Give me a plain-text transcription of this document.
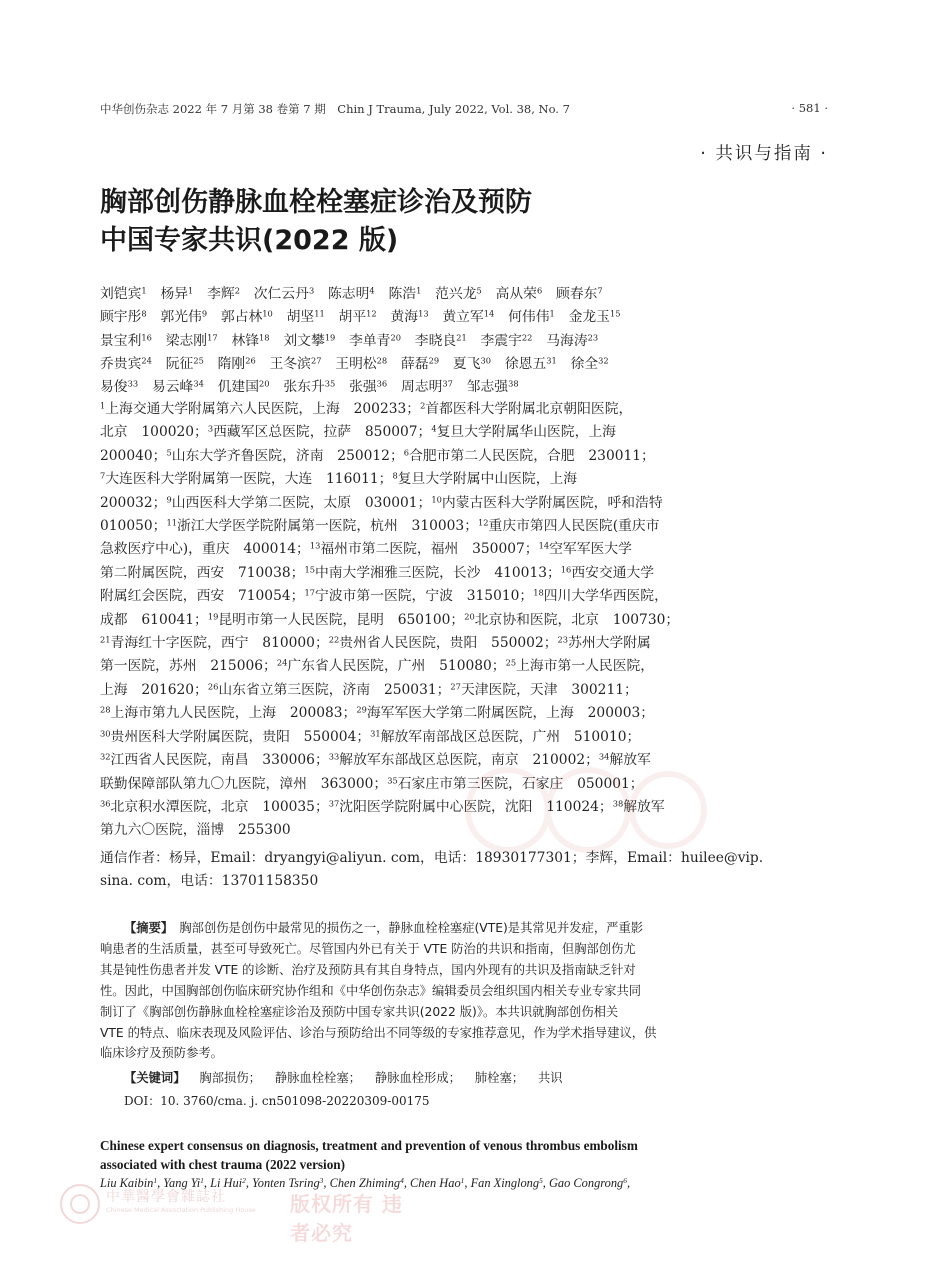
中华创伤杂志 2022 年 7 月第 38 卷第 7 期　Chin J Trauma, July 2022, Vol. 38, No. 7	· 581 ·
· 共识与指南 ·
胸部创伤静脉血栓栓塞症诊治及预防
中国专家共识(2022 版)
刘铠宾$^1$   杨异$^1$   李辉$^2$   次仁云丹$^3$   陈志明$^4$   陈浩$^1$   范兴龙$^5$   高从荣$^6$   顾春东$^7$
顾宇彤$^8$   郭光伟$^9$   郭占林$^{10}$   胡坚$^{11}$   胡平$^{12}$   黄海$^{13}$   黄立军$^{14}$   何伟伟$^1$   金龙玉$^{15}$
景宝利$^{16}$   梁志刚$^{17}$   林锋$^{18}$   刘文攀$^{19}$   李单青$^{20}$   李晓良$^{21}$   李震宇$^{22}$   马海涛$^{23}$
乔贵宾$^{24}$   阮征$^{25}$   隋刚$^{26}$   王冬滨$^{27}$   王明松$^{28}$   薛磊$^{29}$   夏飞$^{30}$   徐恩五$^{31}$   徐全$^{32}$
易俊$^{33}$   易云峰$^{34}$   仉建国$^{20}$   张东升$^{35}$   张强$^{36}$   周志明$^{37}$   邹志强$^{38}$
$^1$上海交通大学附属第六人民医院，上海　200233；$^2$首都医科大学附属北京朝阳医院，
北京　100020；$^3$西藏军区总医院，拉萨　850007；$^4$复旦大学附属华山医院，上海
200040；$^5$山东大学齐鲁医院，济南　250012；$^6$合肥市第二人民医院，合肥　230011；
$^7$大连医科大学附属第一医院，大连　116011；$^8$复旦大学附属中山医院，上海
200032；$^9$山西医科大学第二医院，太原　030001；$^{10}$内蒙古医科大学附属医院，呼和浩特
010050；$^{11}$浙江大学医学院附属第一医院，杭州　310003；$^{12}$重庆市第四人民医院(重庆市
急救医疗中心)，重庆　400014；$^{13}$福州市第二医院，福州　350007；$^{14}$空军军医大学
第二附属医院，西安　710038；$^{15}$中南大学湘雅三医院，长沙　410013；$^{16}$西安交通大学
附属红会医院，西安　710054；$^{17}$宁波市第一医院，宁波　315010；$^{18}$四川大学华西医院，
成都　610041；$^{19}$昆明市第一人民医院，昆明　650100；$^{20}$北京协和医院，北京　100730；
$^{21}$青海红十字医院，西宁　810000；$^{22}$贵州省人民医院，贵阳　550002；$^{23}$苏州大学附属
第一医院，苏州　215006；$^{24}$广东省人民医院，广州　510080；$^{25}$上海市第一人民医院，
上海　201620；$^{26}$山东省立第三医院，济南　250031；$^{27}$天津医院，天津　300211；
$^{28}$上海市第九人民医院，上海　200083；$^{29}$海军军医大学第二附属医院，上海　200003；
$^{30}$贵州医科大学附属医院，贵阳　550004；$^{31}$解放军南部战区总医院，广州　510010；
$^{32}$江西省人民医院，南昌　330006；$^{33}$解放军东部战区总医院，南京　210002；$^{34}$解放军
联勤保障部队第九〇九医院，漳州　363000；$^{35}$石家庄市第三医院，石家庄　050001；
$^{36}$北京积水潭医院，北京　100035；$^{37}$沈阳医学院附属中心医院，沈阳　110024；$^{38}$解放军
第九六〇医院，淄博　255300
通信作者：杨异，Email：dryangyi@aliyun. com，电话：18930177301；李辉，Email：huilee@vip.
sina. com，电话：13701158350
【摘要】　 胸部创伤是创伤中最常见的损伤之一，静脉血栓栓塞症(VTE)是其常见并发症，严重影
响患者的生活质量，甚至可导致死亡。尽管国内外已有关于 VTE 防治的共识和指南，但胸部创伤尤
其是钝性伤患者并发 VTE 的诊断、治疗及预防具有其自身特点，国内外现有的共识及指南缺乏针对
性。因此，中国胸部创伤临床研究协作组和《中华创伤杂志》编辑委员会组织国内相关专业专家共同
制订了《胸部创伤静脉血栓栓塞症诊治及预防中国专家共识(2022 版)》。本共识就胸部创伤相关
VTE 的特点、临床表现及风险评估、诊治与预防给出不同等级的专家推荐意见，作为学术指导建议，供
临床诊疗及预防参考。
【关键词】 胸部损伤； 静脉血栓栓塞； 静脉血栓形成； 肺栓塞； 共识
DOI：10. 3760/cma. j. cn501098-20220309-00175
Chinese expert consensus on diagnosis, treatment and prevention of venous thrombus embolism
associated with chest trauma (2022 version)
Liu Kaibin$^1$, Yang Yi$^1$, Li Hui$^2$, Yonten Tsring$^3$, Chen Zhiming$^4$, Chen Hao$^1$, Fan Xinglong$^5$, Gao Congrong$^6$,
中華醫學會雜誌社
Chinese Medical Association Publishing House 版权所有 违者必究
